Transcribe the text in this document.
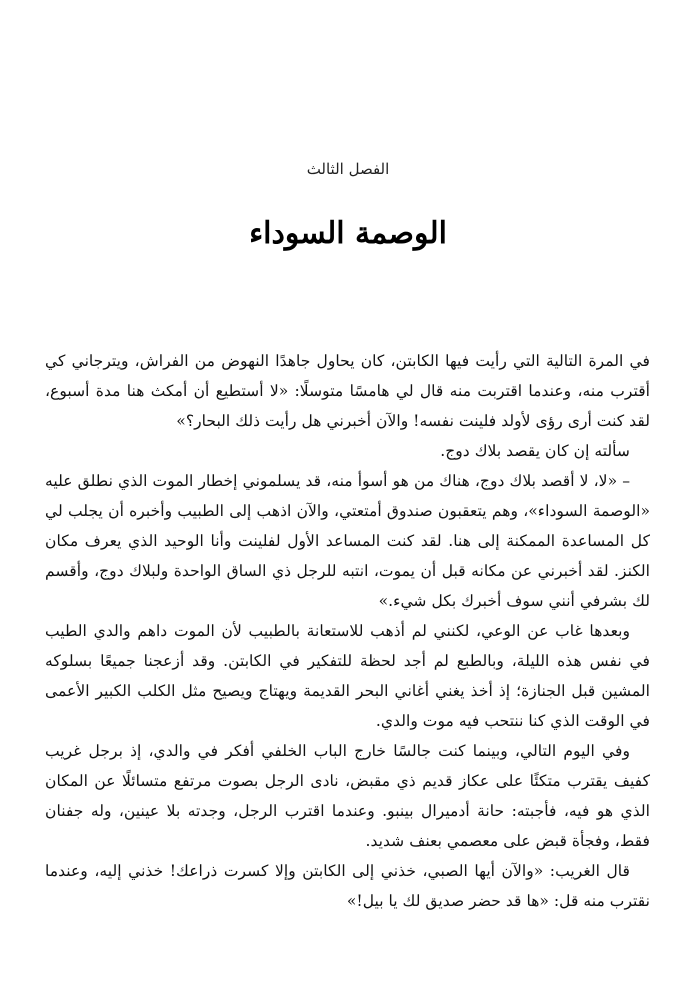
الفصل الثالث
الوصمة السوداء

في المرة التالية التي رأيت فيها الكابتن، كان يحاول جاهدًا النهوض من الفراش، ويترجاني كي أقترب منه، وعندما اقتربت منه قال لي هامسًا متوسلًا: «لا أستطيع أن أمكث هنا مدة أسبوع، لقد كنت أرى رؤى لأولد فلينت نفسه! والآن أخبرني هل رأيت ذلك البحار؟»

سألته إن كان يقصد بلاك دوج.

– «لا، لا أقصد بلاك دوج، هناك من هو أسوأ منه، قد يسلموني إخطار الموت الذي نطلق عليه «الوصمة السوداء»، وهم يتعقبون صندوق أمتعتي، والآن اذهب إلى الطبيب وأخبره أن يجلب لي كل المساعدة الممكنة إلى هنا. لقد كنت المساعد الأول لفلينت وأنا الوحيد الذي يعرف مكان الكنز. لقد أخبرني عن مكانه قبل أن يموت، انتبه للرجل ذي الساق الواحدة ولبلاك دوج، وأقسم لك بشرفي أنني سوف أخبرك بكل شيء.»

وبعدها غاب عن الوعي، لكنني لم أذهب للاستعانة بالطبيب لأن الموت داهم والدي الطيب في نفس هذه الليلة، وبالطبع لم أجد لحظة للتفكير في الكابتن. وقد أزعجنا جميعًا بسلوكه المشين قبل الجنازة؛ إذ أخذ يغني أغاني البحر القديمة ويهتاج ويصيح مثل الكلب الكبير الأعمى في الوقت الذي كنا ننتحب فيه موت والدي.

وفي اليوم التالي، وبينما كنت جالسًا خارج الباب الخلفي أفكر في والدي، إذ برجل غريب كفيف يقترب متكئًا على عكاز قديم ذي مقبض، نادى الرجل بصوت مرتفع متسائلًا عن المكان الذي هو فيه، فأجبته: حانة أدميرال بينبو. وعندما اقترب الرجل، وجدته بلا عينين، وله جفنان فقط، وفجأة قبض على معصمي بعنف شديد.

قال الغريب: «والآن أيها الصبي، خذني إلى الكابتن وإلا كسرت ذراعك! خذني إليه، وعندما نقترب منه قل: «ها قد حضر صديق لك يا بيل!»
